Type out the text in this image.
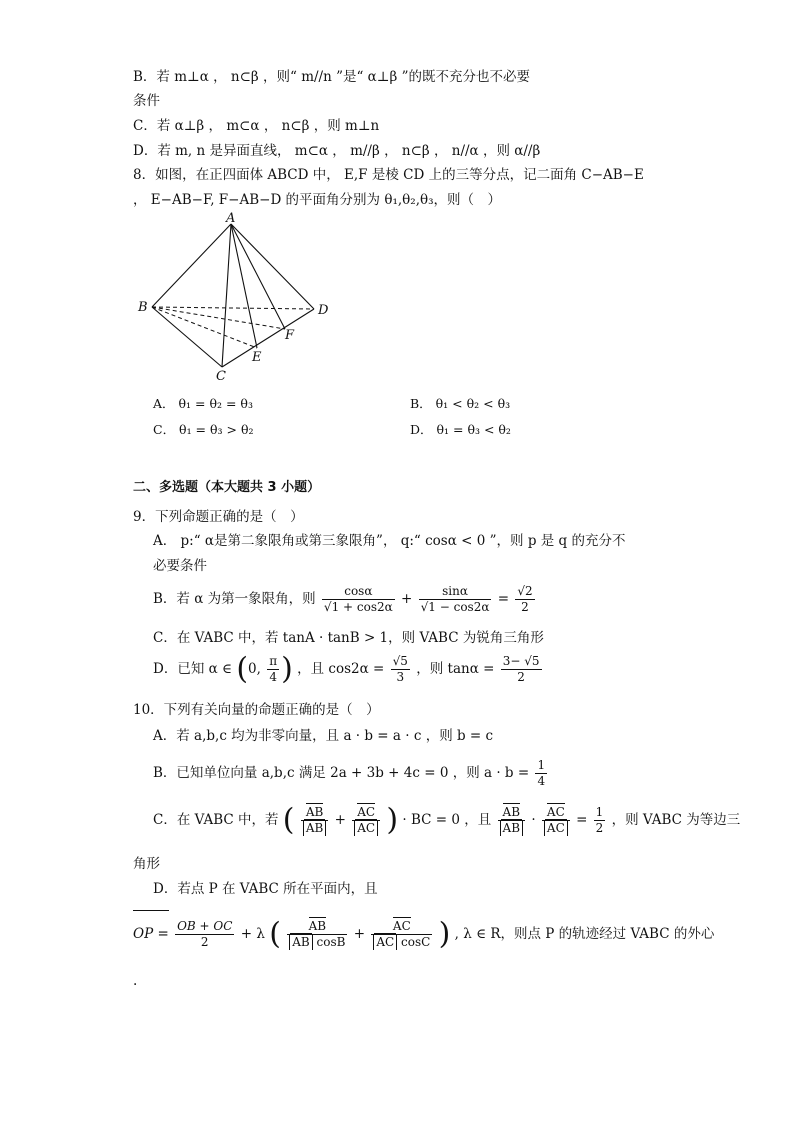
B．若 m⊥α ， n⊂β ，则“ m//n ”是“ α⊥β ”的既不充分也不必要
条件
C．若 α⊥β ， m⊂α ， n⊂β ，则 m⊥n
D．若 m, n 是异面直线， m⊂α ， m//β ， n⊂β ， n//α ，则 α//β
8．如图，在正四面体 ABCD 中， E,F 是棱 CD 上的三等分点，记二面角 C−AB−E
， E−AB−F, F−AB−D 的平面角分别为 θ₁,θ₂,θ₃，则（　）
A
B
C
D
E
F
A． θ₁ = θ₂ = θ₃	B． θ₁ < θ₂ < θ₃
C． θ₁ = θ₃ > θ₂	D． θ₁ = θ₃ < θ₂
二、多选题（本大题共 3 小题）
9．下列命题正确的是（　）
A． p:“ α是第二象限角或第三象限角”， q:“ cosα < 0 ”，则 p 是 q 的充分不
必要条件
B．若 α 为第一象限角，则 $\frac{\cos\alpha}{√1 + \cos 2\alpha} + \frac{\sin\alpha}{√1 - \cos 2\alpha} = \frac{√2}{2}$
C．在 VABC 中，若 tanA · tanB > 1，则 VABC 为锐角三角形
D．已知 α ∈ (0, $\frac{\pi}{4}$ ) ，且 $\cos 2\alpha = \frac{√5}{3}$ ，则 $\tan\alpha = \frac{3- √5}{2}$
10．下列有关向量的命题正确的是（　）
A．若 a,b,c 均为非零向量，且 a · b = a · c ，则 b = c
B．已知单位向量 a,b,c 满足 2a + 3b + 4c = 0 ，则 $a \cdot b = \frac{1}{4}$
C．在 VABC 中，若 ( $\frac{AB}{AB} + \frac{AC}{AC}$ ) · BC = 0 ，且 $\frac{AB}{AB} \cdot \frac{AC}{AC} = \frac{1}{2}$ ，则 VABC 为等边三
角形
D．若点 P 在 VABC 所在平面内，且
OP = $\frac{OB + OC}{2} + \lambda$ ( $\frac{AB}{\text{AB cosB}} + \frac{AC}{\text{AC cosC}}$ ) , λ ∈ R，则点 P 的轨迹经过 VABC 的外心
.
